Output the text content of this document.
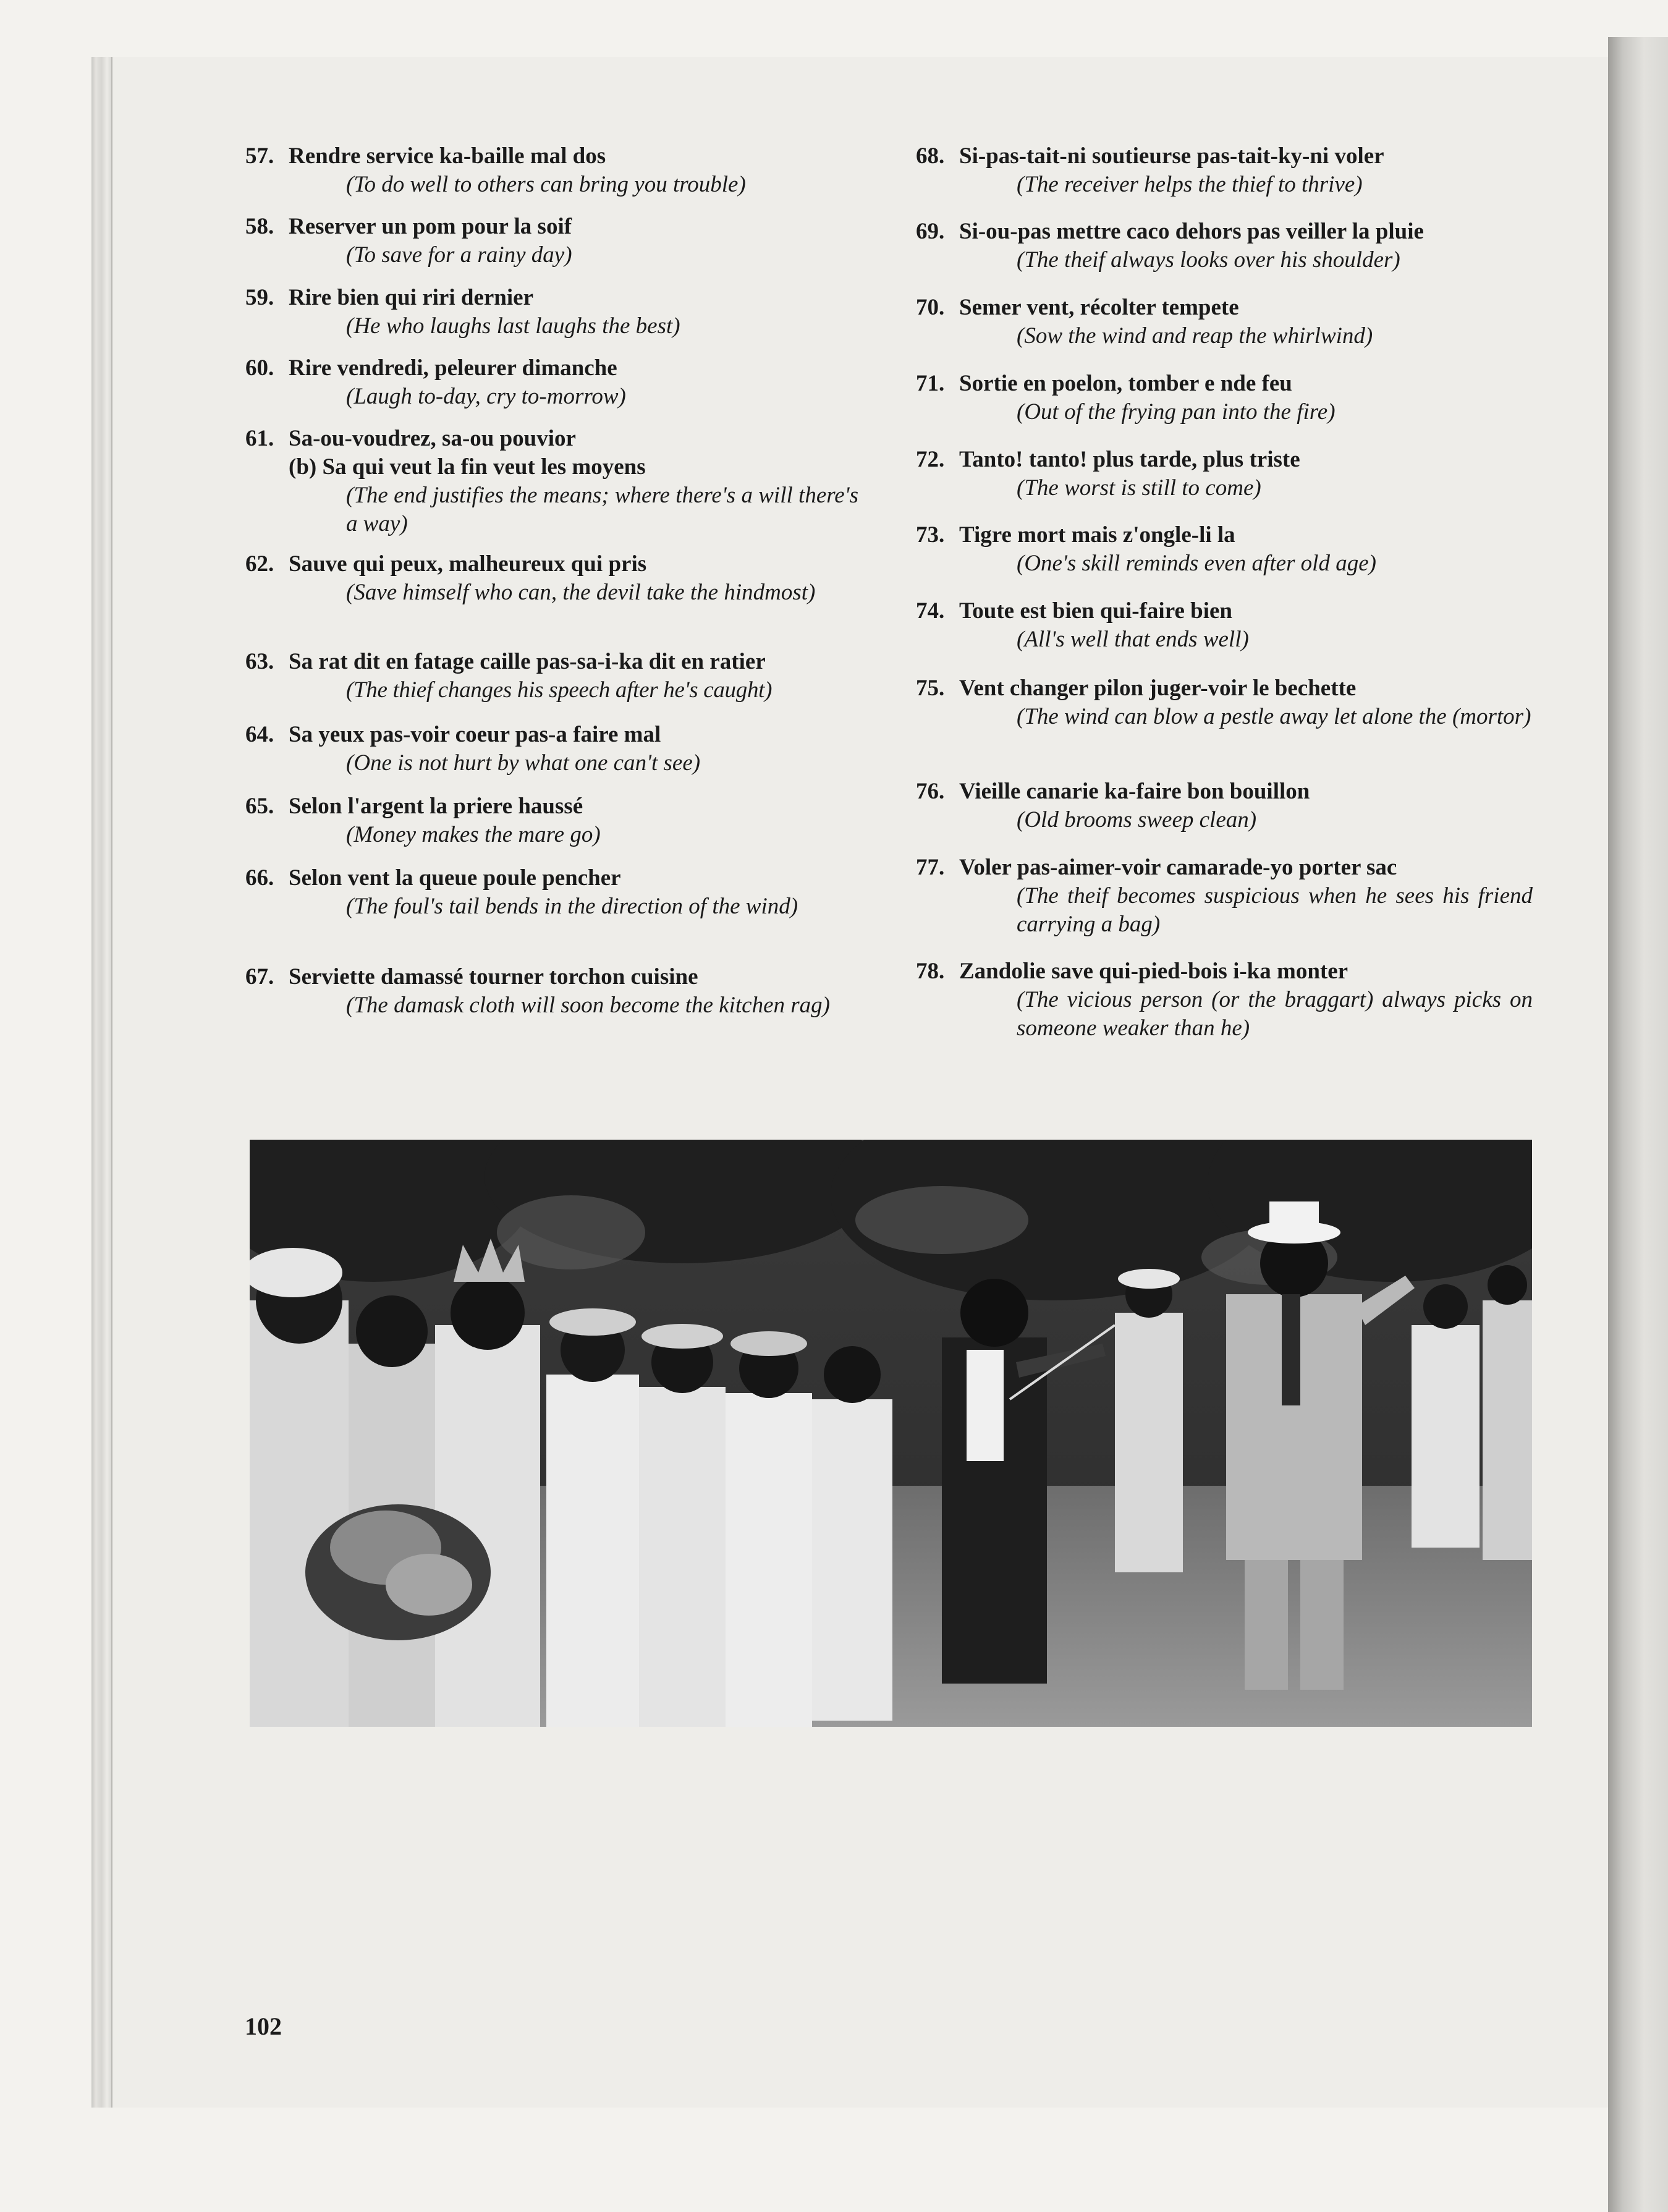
57. Rendre service ka-baille mal dos
(To do well to others can bring you trouble)
58. Reserver un pom pour la soif
(To save for a rainy day)
59. Rire bien qui riri dernier
(He who laughs last laughs the best)
60. Rire vendredi, peleurer dimanche
(Laugh to-day, cry to-morrow)
61. Sa-ou-voudrez, sa-ou pouvior
(b) Sa qui veut la fin veut les moyens
(The end justifies the means; where there's a will there's a way)
62. Sauve qui peux, malheureux qui pris
(Save himself who can, the devil take the hindmost)
63. Sa rat dit en fatage caille pas-sa-i-ka dit en ratier
(The thief changes his speech after he's caught)
64. Sa yeux pas-voir coeur pas-a faire mal
(One is not hurt by what one can't see)
65. Selon l'argent la priere haussé
(Money makes the mare go)
66. Selon vent la queue poule pencher
(The foul's tail bends in the direction of the wind)
67. Serviette damassé tourner torchon cuisine
(The damask cloth will soon become the kitchen rag)
68. Si-pas-tait-ni soutieurse pas-tait-ky-ni voler
(The receiver helps the thief to thrive)
69. Si-ou-pas mettre caco dehors pas veiller la pluie
(The theif always looks over his shoulder)
70. Semer vent, récolter tempete
(Sow the wind and reap the whirlwind)
71. Sortie en poelon, tomber e nde feu
(Out of the frying pan into the fire)
72. Tanto! tanto! plus tarde, plus triste
(The worst is still to come)
73. Tigre mort mais z'ongle-li la
(One's skill reminds even after old age)
74. Toute est bien qui-faire bien
(All's well that ends well)
75. Vent changer pilon juger-voir le bechette
(The wind can blow a pestle away let alone the (mortor)
76. Vieille canarie ka-faire bon bouillon
(Old brooms sweep clean)
77. Voler pas-aimer-voir camarade-yo porter sac
(The theif becomes suspicious when he sees his friend carrying a bag)
78. Zandolie save qui-pied-bois i-ka monter
(The vicious person (or the braggart) always picks on someone weaker than he)
102
